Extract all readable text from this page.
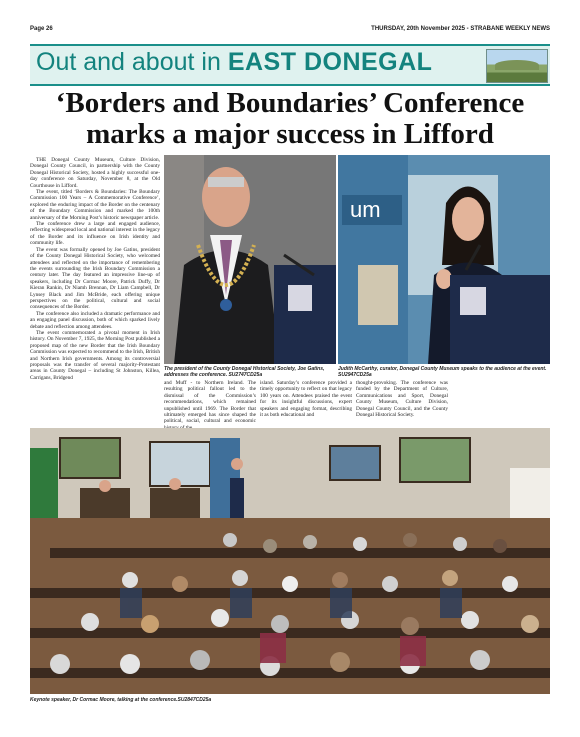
Page 26	THURSDAY, 20th November 2025 - STRABANE WEEKLY NEWS
Out and about in EAST DONEGAL
‘Borders and Boundaries’ Conference marks a major success in Lifford

THE Donegal County Museum, Culture Division, Donegal County Council, in partnership with the County Donegal Historical Society, hosted a highly successful one-day conference on Saturday, November 8, at the Old Courthouse in Lifford.

The event, titled ‘Borders & Boundaries: The Boundary Commission 100 Years – A Commemorative Conference’, explored the enduring impact of the Border on the centenary of the Boundary Commission and marked the 100th anniversary of the Morning Post’s historic newspaper article.

The conference drew a large and engaged audience, reflecting widespread local and national interest in the legacy of the Border and its influence on Irish identity and community life.

The event was formally opened by Joe Gatins, president of the County Donegal Historical Society, who welcomed attendees and reflected on the importance of remembering the events surrounding the Irish Boundary Commission a century later. The day featured an impressive line-up of speakers, including Dr Cormac Moore, Patrick Duffy, Dr Kieran Rankin, Dr Niamh Brennan, Dr Liam Campbell, Dr Lynsey Black and Jim McBride, each offering unique perspectives on the political, cultural and social consequences of the Border.

The conference also included a dramatic performance and an engaging panel discussion, both of which sparked lively debate and reflection among attendees.

The event commemorated a pivotal moment in Irish history. On November 7, 1925, the Morning Post published a proposed map of the new Border that the Irish Boundary Commission was expected to recommend to the Irish, British and Northern Irish governments. Among its controversial proposals was the transfer of several majority-Protestant areas in County Donegal – including St Johnston, Killea, Carrigans, Bridgend

The president of the County Donegal Historical Society, Joe Gatins, addresses the conference. SU2747CD25a
um
Judith McCarthy, curator, Donegal County Museum speaks to the audience at the event. SU2947CD25a
and Muff - to Northern Ireland. The resulting political fallout led to the dismissal of the Commission’s recommendations, which remained unpublished until 1969. The Border that ultimately emerged has since shaped the political, social, cultural and economic
island. Saturday’s conference provided a timely opportunity to reflect on that legacy 100 years on. Attendees praised the event for its insightful discussions, expert speakers and engaging format, describing it as both educational and
thought-provoking. The conference was funded by the Department of Culture, Communications and Sport, Donegal County Museum, Culture Division, Donegal County Council, and the County Donegal Historical Society.
Keynote speaker, Dr Cormac Moore, talking at the conference.SU2847CD25a
